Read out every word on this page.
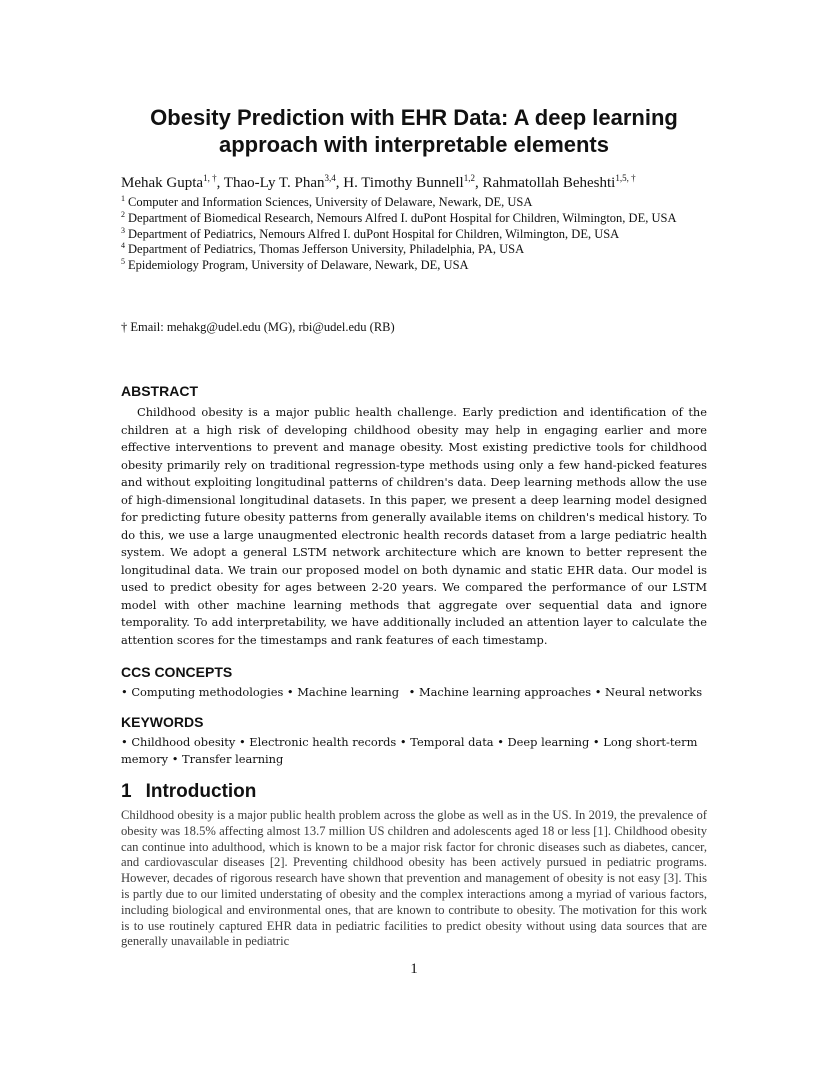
Obesity Prediction with EHR Data: A deep learning approach with interpretable elements

Mehak Gupta$^{1, \dagger}$, Thao-Ly T. Phan$^{3,4}$, H. Timothy Bunnell$^{1,2}$, Rahmatollah Beheshti$^{1,5, \dagger}$

$^1$ Computer and Information Sciences, University of Delaware, Newark, DE, USA
$^2$ Department of Biomedical Research, Nemours Alfred I. duPont Hospital for Children, Wilmington, DE, USA
$^3$ Department of Pediatrics, Nemours Alfred I. duPont Hospital for Children, Wilmington, DE, USA
$^4$ Department of Pediatrics, Thomas Jefferson University, Philadelphia, PA, USA
$^5$ Epidemiology Program, University of Delaware, Newark, DE, USA

† Email: mehakg@udel.edu (MG), rbi@udel.edu (RB)

ABSTRACT

Childhood obesity is a major public health challenge. Early prediction and identification of the children at a high risk of developing childhood obesity may help in engaging earlier and more effective interventions to prevent and manage obesity. Most existing predictive tools for childhood obesity primarily rely on traditional regression-type methods using only a few hand-picked features and without exploiting longitudinal patterns of children's data. Deep learning methods allow the use of high-dimensional longitudinal datasets. In this paper, we present a deep learning model designed for predicting future obesity patterns from generally available items on children's medical history. To do this, we use a large unaugmented electronic health records dataset from a large pediatric health system. We adopt a general LSTM network architecture which are known to better represent the longitudinal data. We train our proposed model on both dynamic and static EHR data. Our model is used to predict obesity for ages between 2-20 years. We compared the performance of our LSTM model with other machine learning methods that aggregate over sequential data and ignore temporality. To add interpretability, we have additionally included an attention layer to calculate the attention scores for the timestamps and rank features of each timestamp.

CCS CONCEPTS

• Computing methodologies • Machine learning • Machine learning approaches • Neural networks

KEYWORDS

• Childhood obesity • Electronic health records • Temporal data • Deep learning • Long short-term memory • Transfer learning

1 Introduction

Childhood obesity is a major public health problem across the globe as well as in the US. In 2019, the prevalence of obesity was 18.5% affecting almost 13.7 million US children and adolescents aged 18 or less [1]. Childhood obesity can continue into adulthood, which is known to be a major risk factor for chronic diseases such as diabetes, cancer, and cardiovascular diseases [2]. Preventing childhood obesity has been actively pursued in pediatric programs. However, decades of rigorous research have shown that prevention and management of obesity is not easy [3]. This is partly due to our limited understating of obesity and the complex interactions among a myriad of various factors, including biological and environmental ones, that are known to contribute to obesity. The motivation for this work is to use routinely captured EHR data in pediatric facilities to predict obesity without using data sources that are generally unavailable in pediatric

1
